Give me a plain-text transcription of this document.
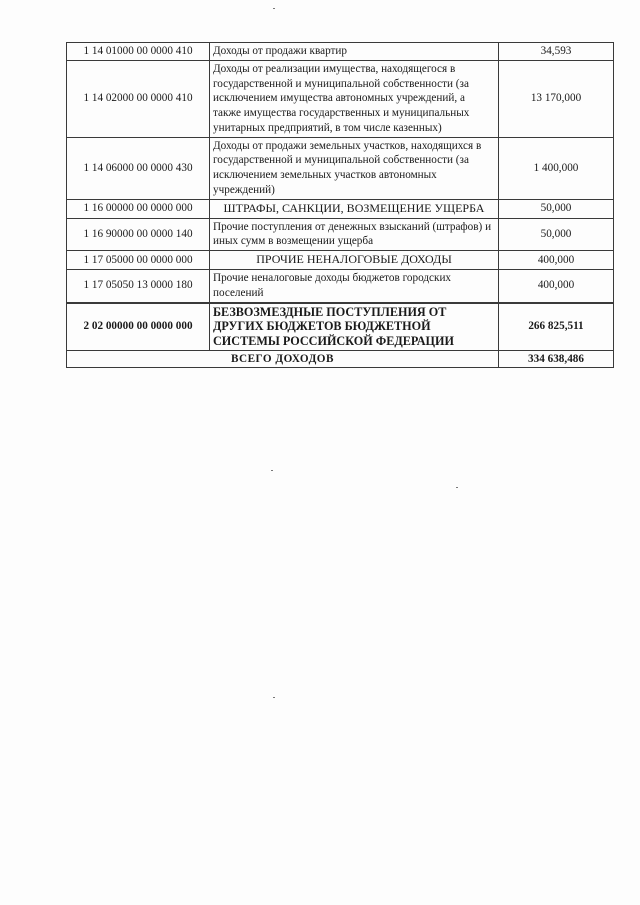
1 14 01000 00 0000 410	Доходы от продажи квартир	34,593
1 14 02000 00 0000 410	Доходы от реализации имущества, находящегося в государственной и муниципальной собственности (за исключением имущества автономных учреждений, а также имущества государственных и муниципальных унитарных предприятий, в том числе казенных)	13 170,000
1 14 06000 00 0000 430	Доходы от продажи земельных участков, находящихся в государственной и муниципальной собственности (за исключением земельных участков автономных учреждений)	1 400,000
1 16 00000 00 0000 000	ШТРАФЫ, САНКЦИИ, ВОЗМЕЩЕНИЕ УЩЕРБА	50,000
1 16 90000 00 0000 140	Прочие поступления от денежных взысканий (штрафов) и иных сумм в возмещении ущерба	50,000
1 17 05000 00 0000 000	ПРОЧИЕ НЕНАЛОГОВЫЕ ДОХОДЫ	400,000
1 17 05050 13 0000 180	Прочие неналоговые доходы бюджетов городских поселений	400,000
2 02 00000 00 0000 000	БЕЗВОЗМЕЗДНЫЕ ПОСТУПЛЕНИЯ ОТ ДРУГИХ БЮДЖЕТОВ БЮДЖЕТНОЙ СИСТЕМЫ РОССИЙСКОЙ ФЕДЕРАЦИИ	266 825,511
ВСЕГО ДОХОДОВ		334 638,486
